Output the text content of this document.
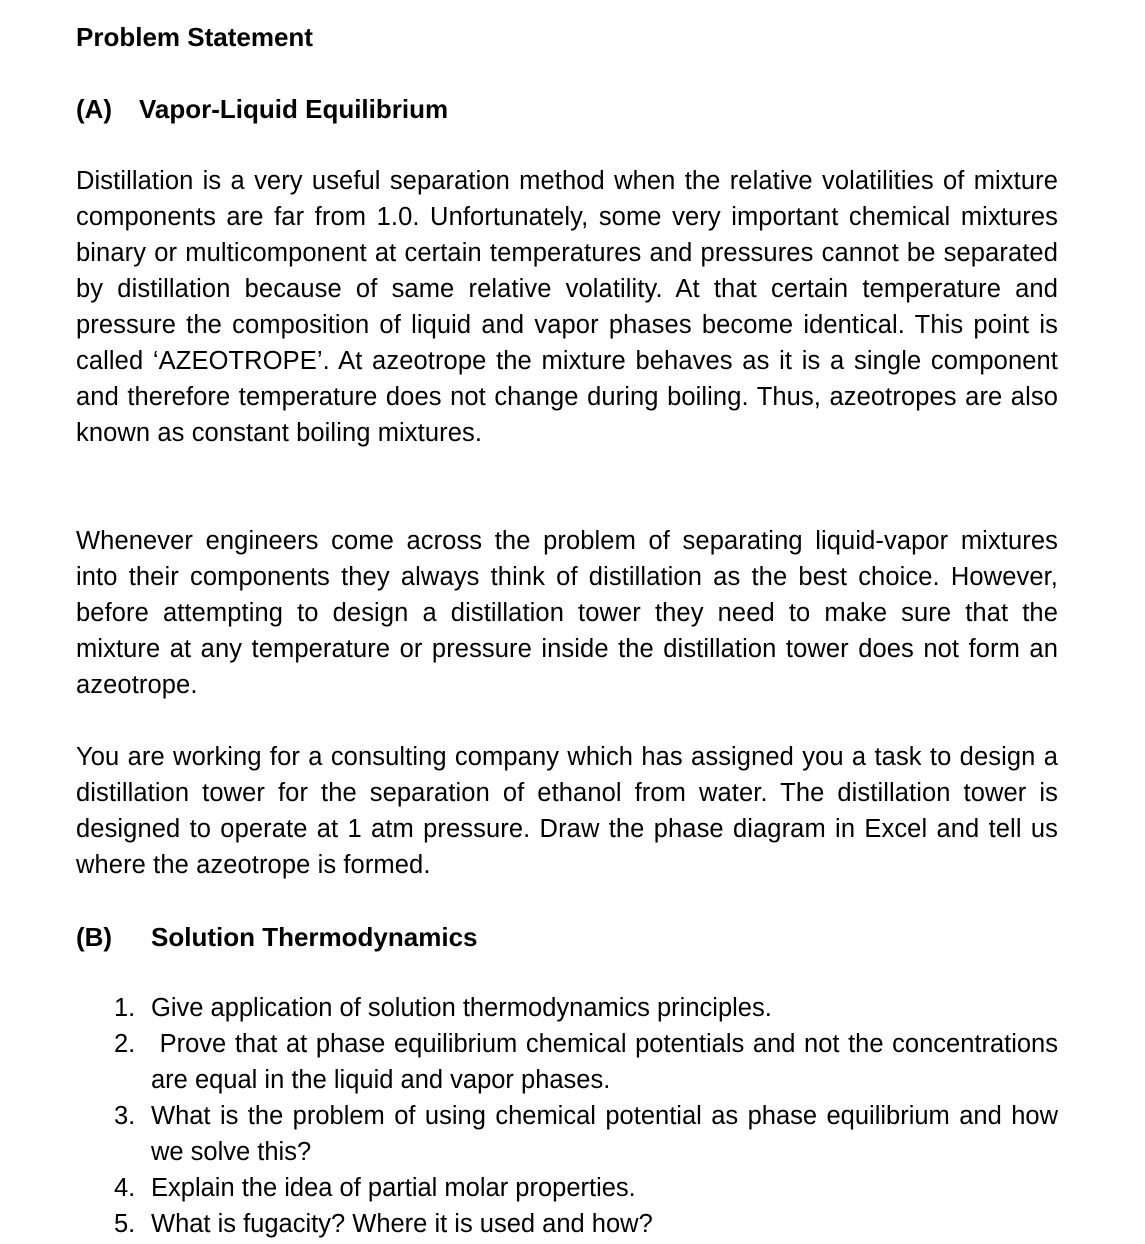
Problem Statement
(A) Vapor-Liquid Equilibrium

Distillation is a very useful separation method when the relative volatilities of mixture components are far from 1.0. Unfortunately, some very important chemical mixtures binary or multicomponent at certain temperatures and pressures cannot be separated by distillation because of same relative volatility. At that certain temperature and pressure the composition of liquid and vapor phases become identical. This point is called ‘AZEOTROPE’. At azeotrope the mixture behaves as it is a single component and therefore temperature does not change during boiling. Thus, azeotropes are also known as constant boiling mixtures.

Whenever engineers come across the problem of separating liquid-vapor mixtures into their components they always think of distillation as the best choice. However, before attempting to design a distillation tower they need to make sure that the mixture at any temperature or pressure inside the distillation tower does not form an azeotrope.

You are working for a consulting company which has assigned you a task to design a distillation tower for the separation of ethanol from water. The distillation tower is designed to operate at 1 atm pressure. Draw the phase diagram in Excel and tell us where the azeotrope is formed.

(B) Solution Thermodynamics
1. Give application of solution thermodynamics principles.
2. Prove that at phase equilibrium chemical potentials and not the concentrations are equal in the liquid and vapor phases.
3. What is the problem of using chemical potential as phase equilibrium and how we solve this?
4. Explain the idea of partial molar properties.
5. What is fugacity? Where it is used and how?
